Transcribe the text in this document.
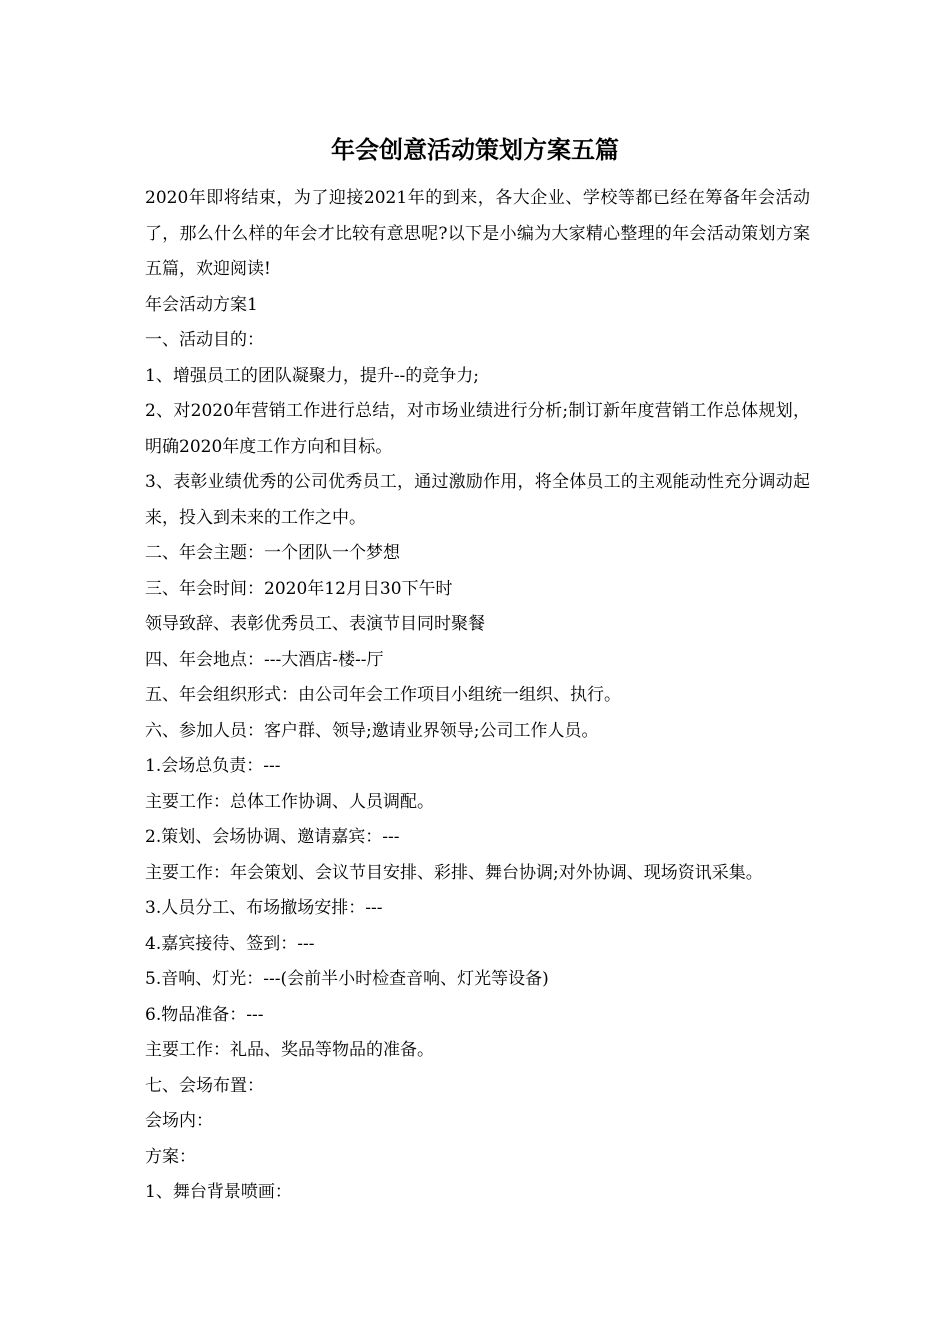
年会创意活动策划方案五篇

2020年即将结束，为了迎接2021年的到来，各大企业、学校等都已经在筹备年会活动了，那么什么样的年会才比较有意思呢?以下是小编为大家精心整理的年会活动策划方案五篇，欢迎阅读!

年会活动方案1

一、活动目的：

1、增强员工的团队凝聚力，提升--的竞争力;

2、对2020年营销工作进行总结，对市场业绩进行分析;制订新年度营销工作总体规划，明确2020年度工作方向和目标。

3、表彰业绩优秀的公司优秀员工，通过激励作用，将全体员工的主观能动性充分调动起来，投入到未来的工作之中。

二、年会主题：一个团队一个梦想

三、年会时间：2020年12月日30下午时

领导致辞、表彰优秀员工、表演节目同时聚餐

四、年会地点：---大酒店-楼--厅

五、年会组织形式：由公司年会工作项目小组统一组织、执行。

六、参加人员：客户群、领导;邀请业界领导;公司工作人员。

1.会场总负责：---

主要工作：总体工作协调、人员调配。

2.策划、会场协调、邀请嘉宾：---

主要工作：年会策划、会议节目安排、彩排、舞台协调;对外协调、现场资讯采集。

3.人员分工、布场撤场安排：---

4.嘉宾接待、签到：---

5.音响、灯光：---(会前半小时检查音响、灯光等设备)

6.物品准备：---

主要工作：礼品、奖品等物品的准备。

七、会场布置：

会场内：

方案：

1、舞台背景喷画：
